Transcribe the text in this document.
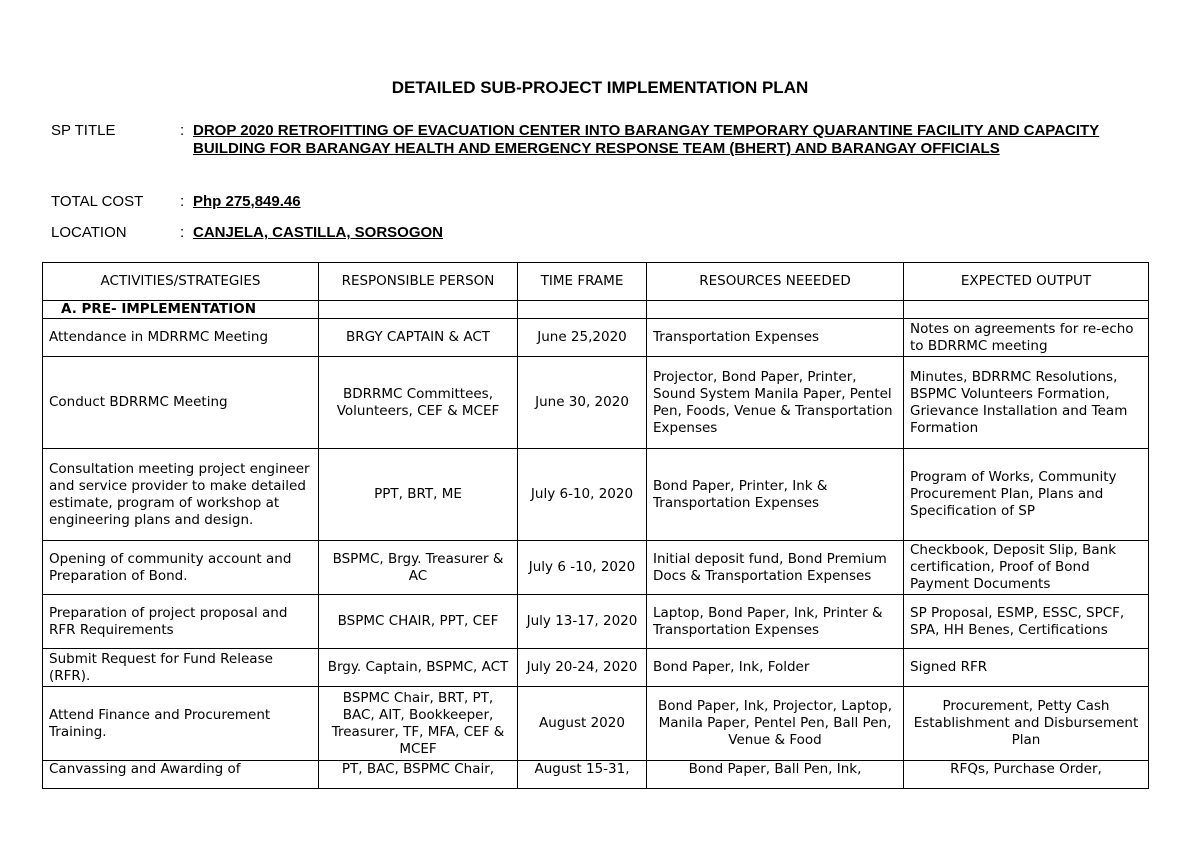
DETAILED SUB-PROJECT IMPLEMENTATION PLAN
SP TITLE	: DROP 2020 RETROFITTING OF EVACUATION CENTER INTO BARANGAY TEMPORARY QUARANTINE FACILITY AND CAPACITY BUILDING FOR BARANGAY HEALTH AND EMERGENCY RESPONSE TEAM (BHERT) AND BARANGAY OFFICIALS
TOTAL COST : Php 275,849.46
LOCATION	: CANJELA, CASTILLA, SORSOGON
ACTIVITIES/STRATEGIES	RESPONSIBLE PERSON	TIME FRAME	RESOURCES NEEEDED	EXPECTED OUTPUT
A. PRE- IMPLEMENTATION				
Attendance in MDRRMC Meeting	BRGY CAPTAIN & ACT	June 25,2020	Transportation Expenses	Notes on agreements for re-echo to BDRRMC meeting
Conduct BDRRMC Meeting	BDRRMC Committees, Volunteers, CEF & MCEF	June 30, 2020	Projector, Bond Paper, Printer, Sound System Manila Paper, Pentel Pen, Foods, Venue & Transportation Expenses	Minutes, BDRRMC Resolutions, BSPMC Volunteers Formation, Grievance Installation and Team Formation
Consultation meeting project engineer and service provider to make detailed estimate, program of workshop at engineering plans and design.	PPT, BRT, ME	July 6-10, 2020	Bond Paper, Printer, Ink & Transportation Expenses	Program of Works, Community Procurement Plan, Plans and Specification of SP
Opening of community account and Preparation of Bond.	BSPMC, Brgy. Treasurer & AC	July 6 -10, 2020	Initial deposit fund, Bond Premium Docs & Transportation Expenses	Checkbook, Deposit Slip, Bank certification, Proof of Bond Payment Documents
Preparation of project proposal and RFR Requirements	BSPMC CHAIR, PPT, CEF	July 13-17, 2020	Laptop, Bond Paper, Ink, Printer & Transportation Expenses	SP Proposal, ESMP, ESSC, SPCF, SPA, HH Benes, Certifications
Submit Request for Fund Release (RFR).	Brgy. Captain, BSPMC, ACT	July 20-24, 2020	Bond Paper, Ink, Folder	Signed RFR
Attend Finance and Procurement Training.	BSPMC Chair, BRT, PT, BAC, AIT, Bookkeeper, Treasurer, TF, MFA, CEF & MCEF	August 2020	Bond Paper, Ink, Projector, Laptop, Manila Paper, Pentel Pen, Ball Pen, Venue & Food	Procurement, Petty Cash Establishment and Disbursement Plan
Canvassing and Awarding of	PT, BAC, BSPMC Chair,	August 15-31,	Bond Paper, Ball Pen, Ink,	RFQs, Purchase Order,
